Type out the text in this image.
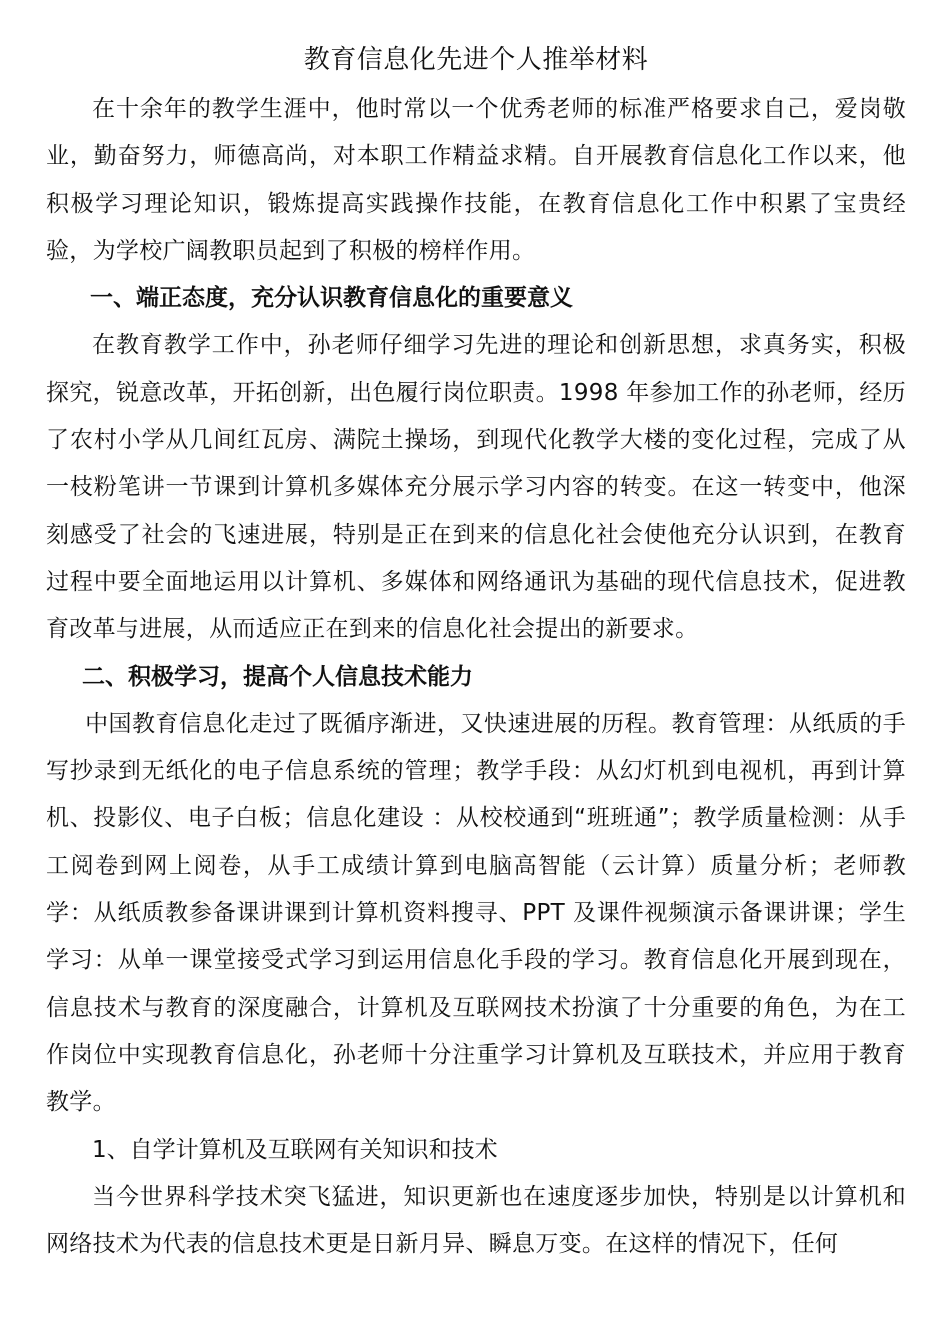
教育信息化先进个人推举材料

在十余年的教学生涯中，他时常以一个优秀老师的标准严格要求自己，爱岗敬业，勤奋努力，师德高尚，对本职工作精益求精。自开展教育信息化工作以来，他积极学习理论知识，锻炼提高实践操作技能，在教育信息化工作中积累了宝贵经验，为学校广阔教职员起到了积极的榜样作用。

一、端正态度，充分认识教育信息化的重要意义

在教育教学工作中，孙老师仔细学习先进的理论和创新思想，求真务实，积极探究，锐意改革，开拓创新，出色履行岗位职责。1998 年参加工作的孙老师，经历了农村小学从几间红瓦房、满院土操场，到现代化教学大楼的变化过程，完成了从一枝粉笔讲一节课到计算机多媒体充分展示学习内容的转变。在这一转变中，他深刻感受了社会的飞速进展，特别是正在到来的信息化社会使他充分认识到，在教育过程中要全面地运用以计算机、多媒体和网络通讯为基础的现代信息技术，促进教育改革与进展，从而适应正在到来的信息化社会提出的新要求。

二、积极学习，提高个人信息技术能力

中国教育信息化走过了既循序渐进，又快速进展的历程。教育管理：从纸质的手写抄录到无纸化的电子信息系统的管理；教学手段：从幻灯机到电视机，再到计算机、投影仪、电子白板；信息化建设 ：从校校通到“班班通”；教学质量检测：从手工阅卷到网上阅卷，从手工成绩计算到电脑高智能（云计算）质量分析；老师教学：从纸质教参备课讲课到计算机资料搜寻、PPT 及课件视频演示备课讲课；学生学习：从单一课堂接受式学习到运用信息化手段的学习。教育信息化开展到现在，信息技术与教育的深度融合，计算机及互联网技术扮演了十分重要的角色，为在工作岗位中实现教育信息化，孙老师十分注重学习计算机及互联技术，并应用于教育教学。

1、自学计算机及互联网有关知识和技术

当今世界科学技术突飞猛进，知识更新也在速度逐步加快，特别是以计算机和网络技术为代表的信息技术更是日新月异、瞬息万变。在这样的情况下，任何
